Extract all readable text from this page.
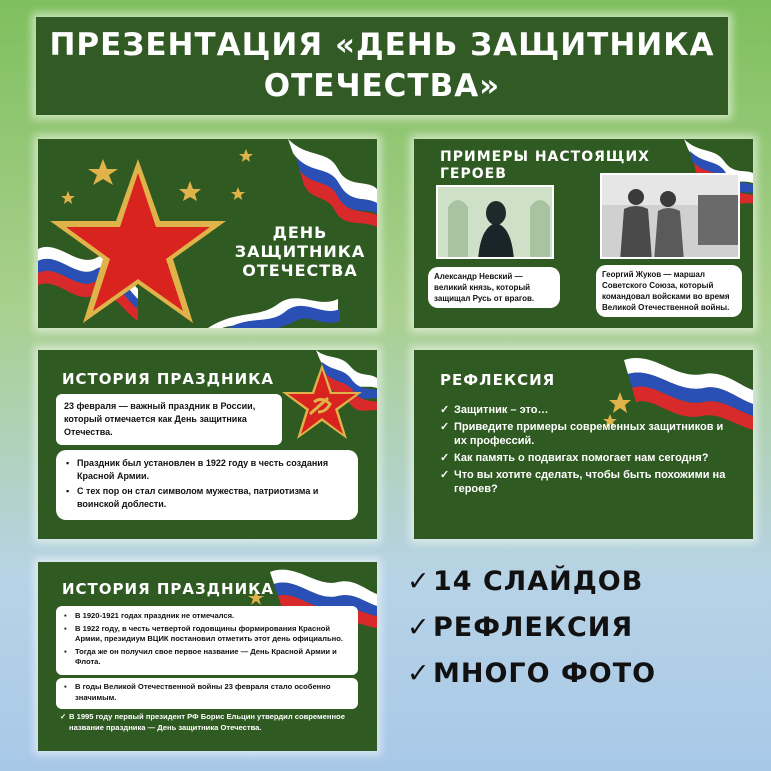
ПРЕЗЕНТАЦИЯ «ДЕНЬ ЗАЩИТНИКА
ОТЕЧЕСТВА»
ДЕНЬ
ЗАЩИТНИКА
ОТЕЧЕСТВА
ПРИМЕРЫ НАСТОЯЩИХ
ГЕРОЕВ
Александр Невский — великий князь, который защищал Русь от врагов.
Георгий Жуков — маршал Советского Союза, который командовал войсками во время Великой Отечественной войны.
ИСТОРИЯ ПРАЗДНИКА
23 февраля — важный праздник в России, который отмечается как День защитника Отечества.
▪ Праздник был установлен в 1922 году в честь создания Красной Армии.
▪ С тех пор он стал символом мужества, патриотизма и воинской доблести.
РЕФЛЕКСИЯ
✓ Защитник – это…
✓ Приведите примеры современных защитников и их профессий.
✓ Как память о подвигах помогает нам сегодня?
✓ Что вы хотите сделать, чтобы быть похожими на героев?
ИСТОРИЯ ПРАЗДНИКА
▪ В 1920-1921 годах праздник не отмечался.
▪ В 1922 году, в честь четвертой годовщины формирования Красной Армии, президиум ВЦИК постановил отметить этот день официально.
▪ Тогда же он получил свое первое название — День Красной Армии и Флота.
▪ В годы Великой Отечественной войны 23 февраля стало особенно значимым.
✓ В 1995 году первый президент РФ Борис Ельцин утвердил современное название праздника — День защитника Отечества.
✓14 СЛАЙДОВ
✓РЕФЛЕКСИЯ
✓МНОГО ФОТО
